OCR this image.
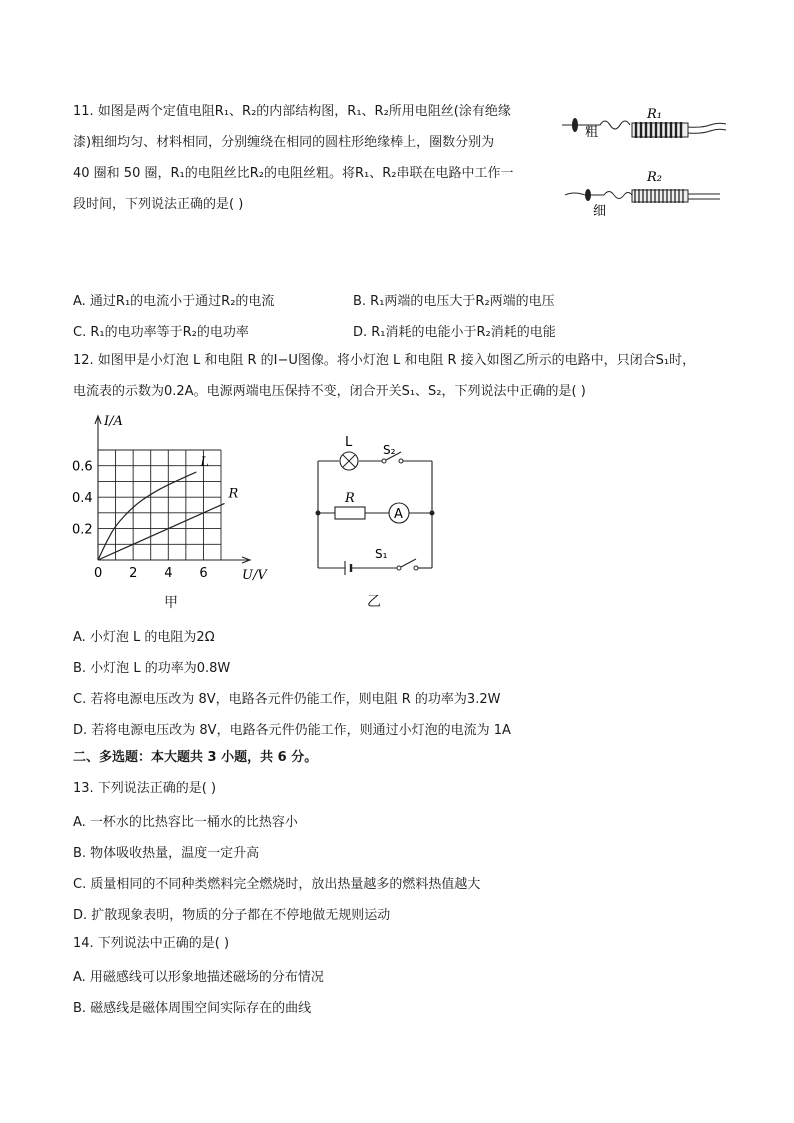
11. 如图是两个定值电阻R₁、R₂的内部结构图，R₁、R₂所用电阻丝(涂有绝缘
漆)粗细均匀、材料相同，分别缠绕在相同的圆柱形绝缘棒上，圈数分别为
40 圈和 50 圈，R₁的电阻丝比R₂的电阻丝粗。将R₁、R₂串联在电路中工作一
段时间，下列说法正确的是( )
R₁
粗
R₂
细
A. 通过R₁的电流小于通过R₂的电流	B. R₁两端的电压大于R₂两端的电压
C. R₁的电功率等于R₂的电功率	D. R₁消耗的电能小于R₂消耗的电能
12. 如图甲是小灯泡 L 和电阻 R 的I−U图像。将小灯泡 L 和电阻 R 接入如图乙所示的电路中，只闭合S₁时，
电流表的示数为0.2A。电源两端电压保持不变，闭合开关S₁、S₂，下列说法中正确的是( )
I/A
U/V
0.2
0.4
0.6
0 2 4 6
L
R
甲
L	S₂
R
A
S₁
乙
A. 小灯泡 L 的电阻为2Ω
B. 小灯泡 L 的功率为0.8W
C. 若将电源电压改为 8V，电路各元件仍能工作，则电阻 R 的功率为3.2W
D. 若将电源电压改为 8V，电路各元件仍能工作，则通过小灯泡的电流为 1A
二、多选题：本大题共 3 小题，共 6 分。
13. 下列说法正确的是( )
A. 一杯水的比热容比一桶水的比热容小
B. 物体吸收热量，温度一定升高
C. 质量相同的不同种类燃料完全燃烧时，放出热量越多的燃料热值越大
D. 扩散现象表明，物质的分子都在不停地做无规则运动
14. 下列说法中正确的是( )
A. 用磁感线可以形象地描述磁场的分布情况
B. 磁感线是磁体周围空间实际存在的曲线
